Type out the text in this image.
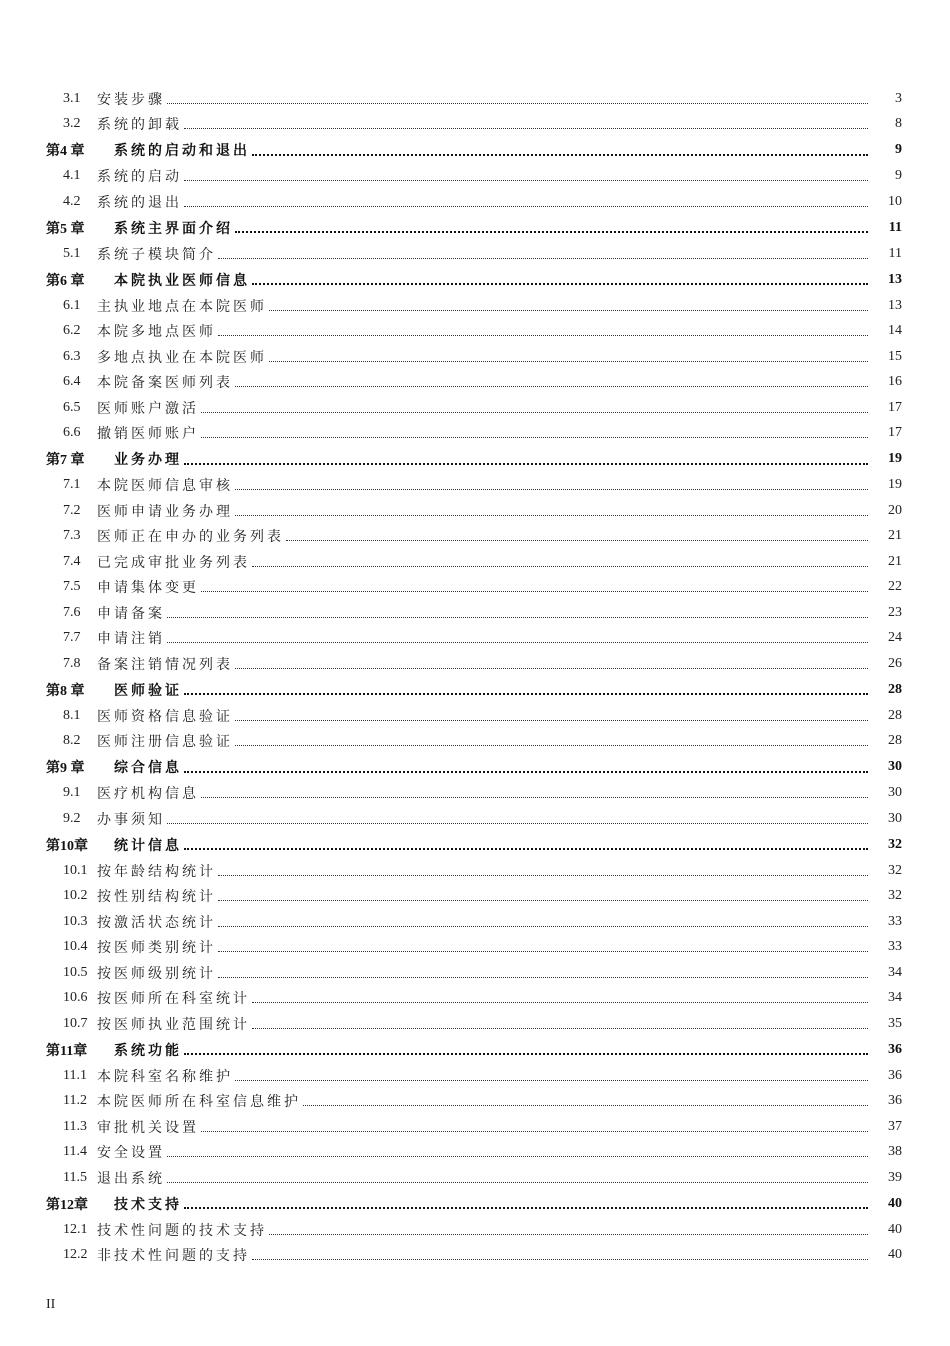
3.1	安装步骤	3
3.2	系统的卸载	8
第4 章	系统的启动和退出	9
4.1	系统的启动	9
4.2	系统的退出	10
第5 章	系统主界面介绍	11
5.1	系统子模块简介	11
第6 章	本院执业医师信息	13
6.1	主执业地点在本院医师	13
6.2	本院多地点医师	14
6.3	多地点执业在本院医师	15
6.4	本院备案医师列表	16
6.5	医师账户激活	17
6.6	撤销医师账户	17
第7 章	业务办理	19
7.1	本院医师信息审核	19
7.2	医师申请业务办理	20
7.3	医师正在申办的业务列表	21
7.4	已完成审批业务列表	21
7.5	申请集体变更	22
7.6	申请备案	23
7.7	申请注销	24
7.8	备案注销情况列表	26
第8 章	医师验证	28
8.1	医师资格信息验证	28
8.2	医师注册信息验证	28
第9 章	综合信息	30
9.1	医疗机构信息	30
9.2	办事须知	30
第10章	统计信息	32
10.1 按年龄结构统计	32
10.2 按性别结构统计	32
10.3 按激活状态统计	33
10.4 按医师类别统计	33
10.5 按医师级别统计	34
10.6 按医师所在科室统计	34
10.7 按医师执业范围统计	35
第11章	系统功能	36
11.1 本院科室名称维护	36
11.2 本院医师所在科室信息维护	36
11.3 审批机关设置	37
11.4 安全设置	38
11.5 退出系统	39
第12章	技术支持	40
12.1 技术性问题的技术支持	40
12.2 非技术性问题的支持	40
II
